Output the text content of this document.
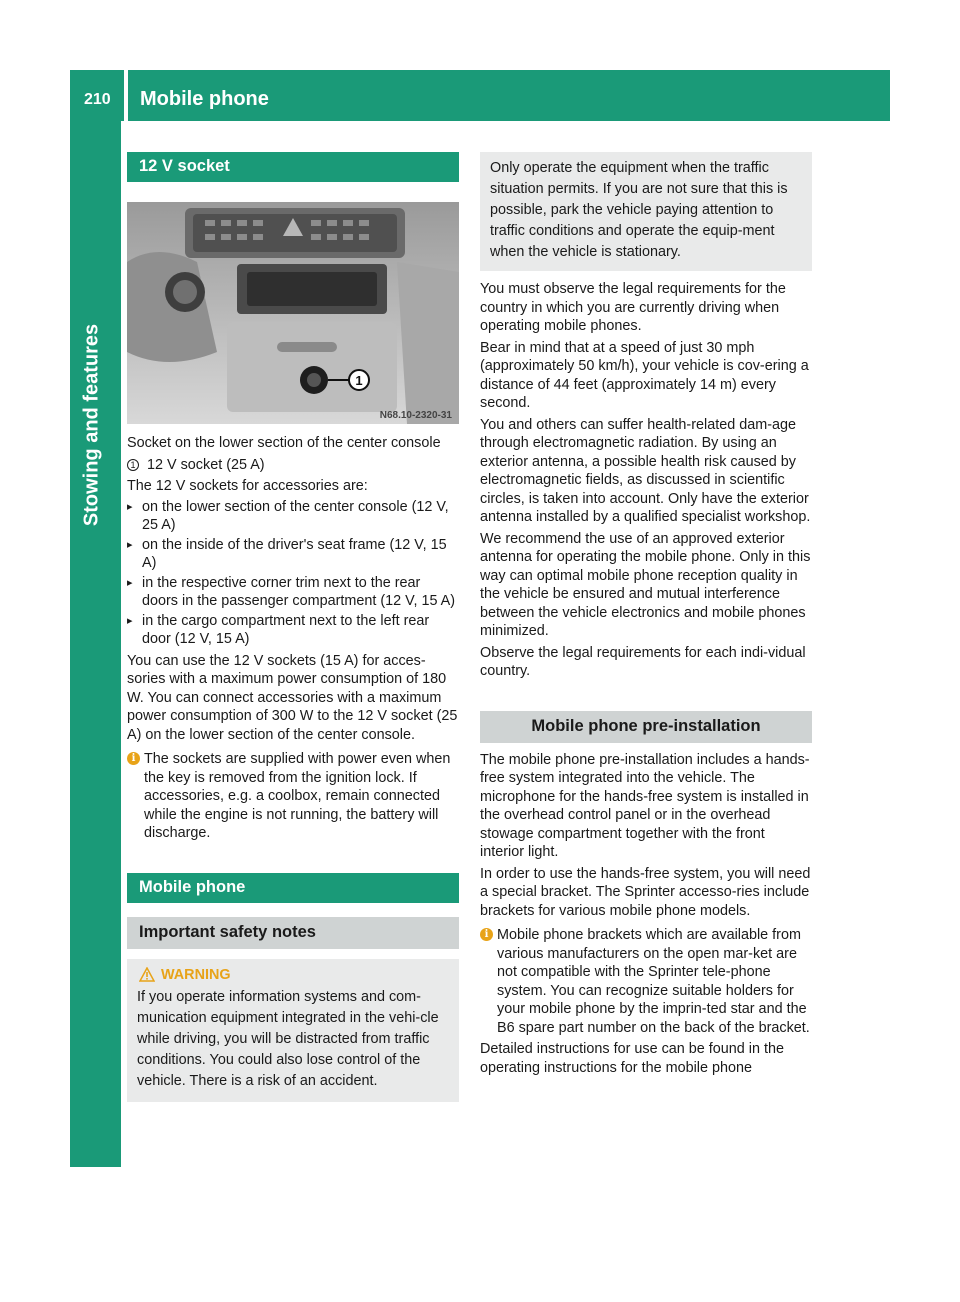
210 Mobile phone
Stowing and features
12 V socket
1
N68.10-2320-31

Socket on the lower section of the center console

1 12 V socket (25 A)

The 12 V sockets for accessories are:

▸ on the lower section of the center console (12 V, 25 A)
▸ on the inside of the driver's seat frame (12 V, 15 A)
▸ in the respective corner trim next to the rear doors in the passenger compartment (12 V, 15 A)
▸ in the cargo compartment next to the left rear door (12 V, 15 A)

You can use the 12 V sockets (15 A) for acces-sories with a maximum power consumption of 180 W. You can connect accessories with a maximum power consumption of 300 W to the 12 V socket (25 A) on the lower section of the center console.

i The sockets are supplied with power even when the key is removed from the ignition lock. If accessories, e.g. a coolbox, remain connected while the engine is not running, the battery will discharge.

Mobile phone
Important safety notes
WARNING

If you operate information systems and com-munication equipment integrated in the vehi-cle while driving, you will be distracted from traffic conditions. You could also lose control of the vehicle. There is a risk of an accident.

Only operate the equipment when the traffic situation permits. If you are not sure that this is possible, park the vehicle paying attention to traffic conditions and operate the equip-ment when the vehicle is stationary.

You must observe the legal requirements for the country in which you are currently driving when operating mobile phones.

Bear in mind that at a speed of just 30 mph (approximately 50 km/h), your vehicle is cov-ering a distance of 44 feet (approximately 14 m) every second.

You and others can suffer health-related dam-age through electromagnetic radiation. By using an exterior antenna, a possible health risk caused by electromagnetic fields, as discussed in scientific circles, is taken into account. Only have the exterior antenna installed by a qualified specialist workshop.

We recommend the use of an approved exterior antenna for operating the mobile phone. Only in this way can optimal mobile phone reception quality in the vehicle be ensured and mutual interference between the vehicle electronics and mobile phones minimized.

Observe the legal requirements for each indi-vidual country.

Mobile phone pre-installation

The mobile phone pre-installation includes a hands-free system integrated into the vehicle. The microphone for the hands-free system is installed in the overhead control panel or in the overhead stowage compartment together with the front interior light.

In order to use the hands-free system, you will need a special bracket. The Sprinter accesso-ries include brackets for various mobile phone models.

i Mobile phone brackets which are available from various manufacturers on the open mar-ket are not compatible with the Sprinter tele-phone system. You can recognize suitable holders for your mobile phone by the imprin-ted star and the B6 spare part number on the back of the bracket.

Detailed instructions for use can be found in the operating instructions for the mobile phone
